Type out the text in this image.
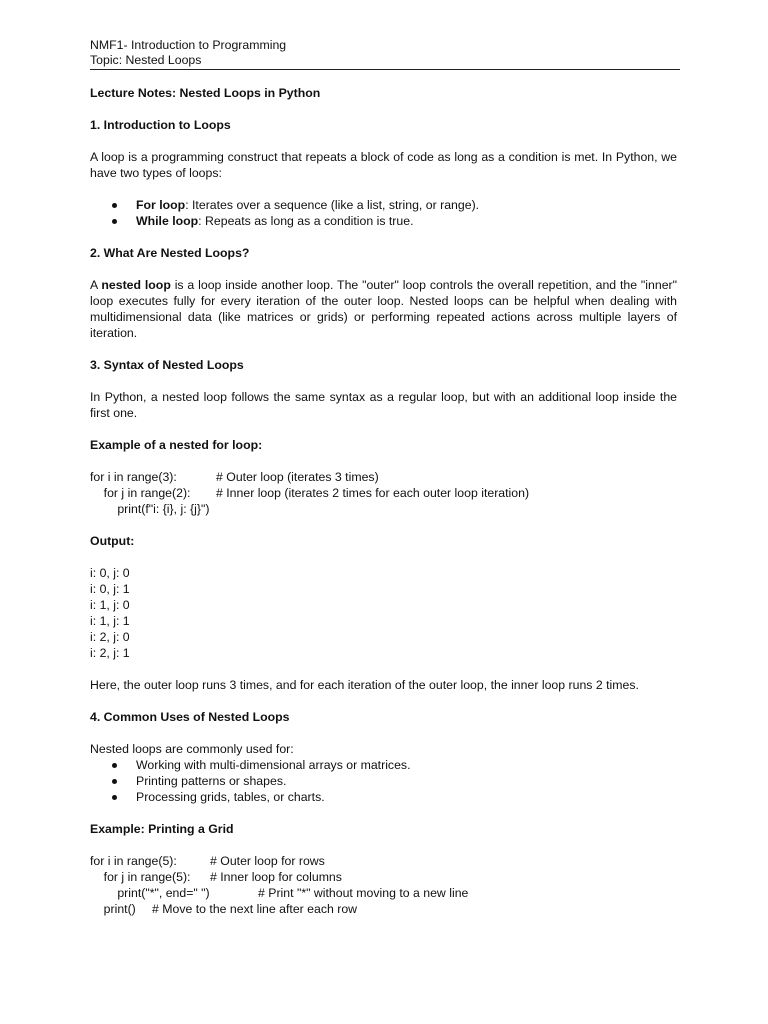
NMF1- Introduction to Programming
Topic: Nested Loops
Lecture Notes: Nested Loops in Python
1. Introduction to Loops

A loop is a programming construct that repeats a block of code as long as a condition is met. In Python, we have two types of loops:

For loop: Iterates over a sequence (like a list, string, or range).
While loop: Repeats as long as a condition is true.
2. What Are Nested Loops?

A nested loop is a loop inside another loop. The "outer" loop controls the overall repetition, and the "inner" loop executes fully for every iteration of the outer loop. Nested loops can be helpful when dealing with multidimensional data (like matrices or grids) or performing repeated actions across multiple layers of iteration.

3. Syntax of Nested Loops

In Python, a nested loop follows the same syntax as a regular loop, but with an additional loop inside the first one.

Example of a nested for loop:
for i in range(3):	# Outer loop (iterates 3 times)
for j in range(2): # Inner loop (iterates 2 times for each outer loop iteration)
print(f"i: {i}, j: {j}")
Output:
i: 0, j: 0
i: 0, j: 1
i: 1, j: 0
i: 1, j: 1
i: 2, j: 0
i: 2, j: 1

Here, the outer loop runs 3 times, and for each iteration of the outer loop, the inner loop runs 2 times.

4. Common Uses of Nested Loops
Nested loops are commonly used for:
Working with multi-dimensional arrays or matrices.
Printing patterns or shapes.
Processing grids, tables, or charts.
Example: Printing a Grid
for i in range(5):	# Outer loop for rows
for j in range(5): # Inner loop for columns
print("*", end=" ")	# Print "*" without moving to a new line
print() # Move to the next line after each row
